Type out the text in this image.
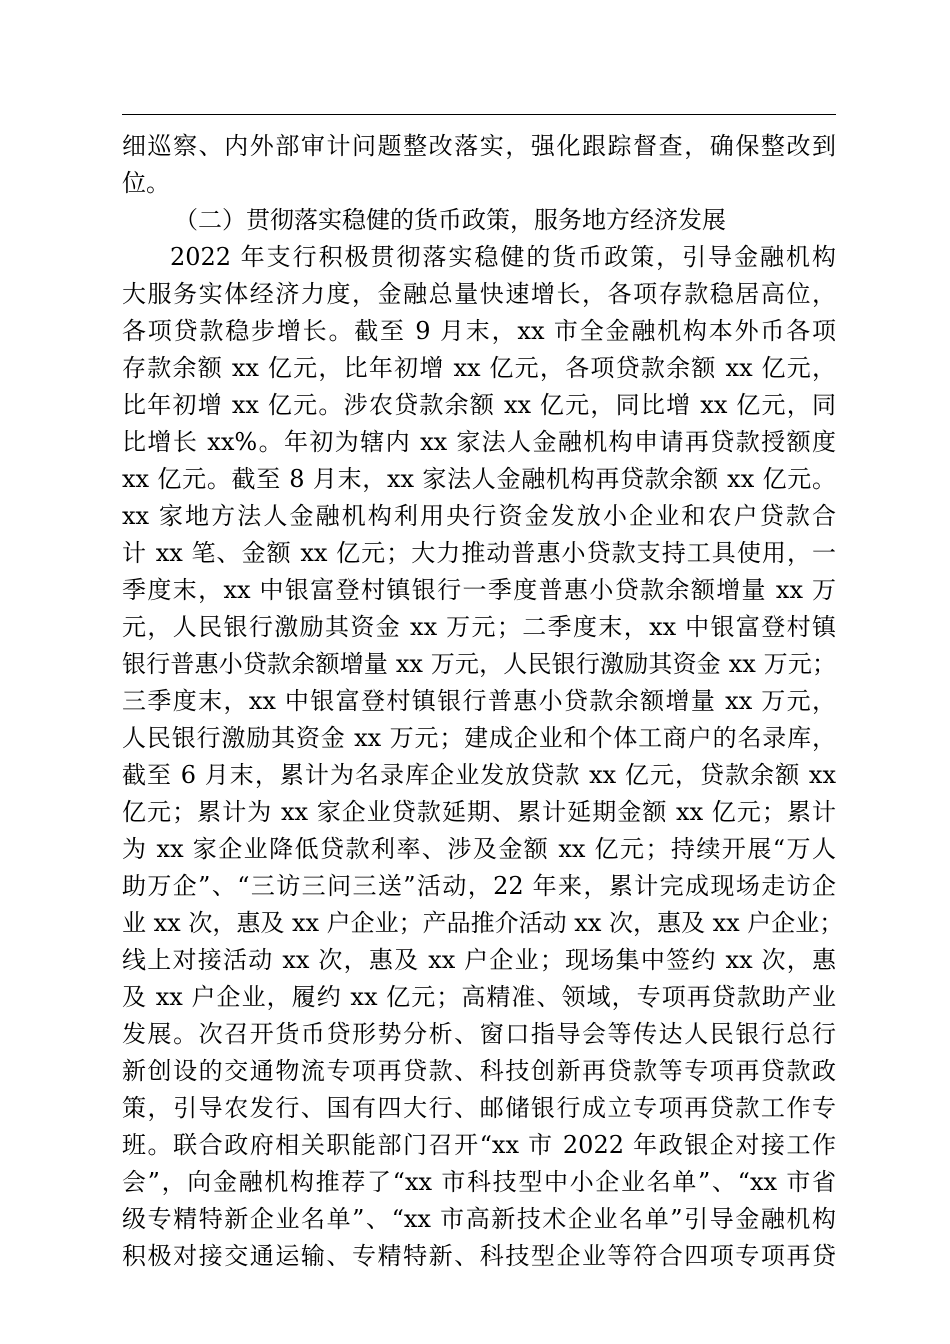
细巡察、内外部审计问题整改落实，强化跟踪督查，确保整改到
位。
（二）贯彻落实稳健的货币政策，服务地方经济发展
2022 年支行积极贯彻落实稳健的货币政策，引导金融机构
大服务实体经济力度，金融总量快速增长，各项存款稳居高位，
各项贷款稳步增长。截至 9 月末，xx 市全金融机构本外币各项
存款余额 xx 亿元，比年初增 xx 亿元，各项贷款余额 xx 亿元，
比年初增 xx 亿元。涉农贷款余额 xx 亿元，同比增 xx 亿元，同
比增长 xx%。年初为辖内 xx 家法人金融机构申请再贷款授额度
xx 亿元。截至 8 月末，xx 家法人金融机构再贷款余额 xx 亿元。
xx 家地方法人金融机构利用央行资金发放小企业和农户贷款合
计 xx 笔、金额 xx 亿元；大力推动普惠小贷款支持工具使用，一
季度末，xx 中银富登村镇银行一季度普惠小贷款余额增量 xx 万
元，人民银行激励其资金 xx 万元；二季度末，xx 中银富登村镇
银行普惠小贷款余额增量 xx 万元，人民银行激励其资金 xx 万元；
三季度末，xx 中银富登村镇银行普惠小贷款余额增量 xx 万元，
人民银行激励其资金 xx 万元；建成企业和个体工商户的名录库，
截至 6 月末，累计为名录库企业发放贷款 xx 亿元，贷款余额 xx
亿元；累计为 xx 家企业贷款延期、累计延期金额 xx 亿元；累计
为 xx 家企业降低贷款利率、涉及金额 xx 亿元；持续开展“万人
助万企”、“三访三问三送”活动，22 年来，累计完成现场走访企
业 xx 次，惠及 xx 户企业；产品推介活动 xx 次，惠及 xx 户企业；
线上对接活动 xx 次，惠及 xx 户企业；现场集中签约 xx 次，惠
及 xx 户企业，履约 xx 亿元；高精准、领域，专项再贷款助产业
发展。次召开货币贷形势分析、窗口指导会等传达人民银行总行
新创设的交通物流专项再贷款、科技创新再贷款等专项再贷款政
策，引导农发行、国有四大行、邮储银行成立专项再贷款工作专
班。联合政府相关职能部门召开“xx 市 2022 年政银企对接工作
会”，向金融机构推荐了“xx 市科技型中小企业名单”、“xx 市省
级专精特新企业名单”、“xx 市高新技术企业名单”引导金融机构
积极对接交通运输、专精特新、科技型企业等符合四项专项再贷
